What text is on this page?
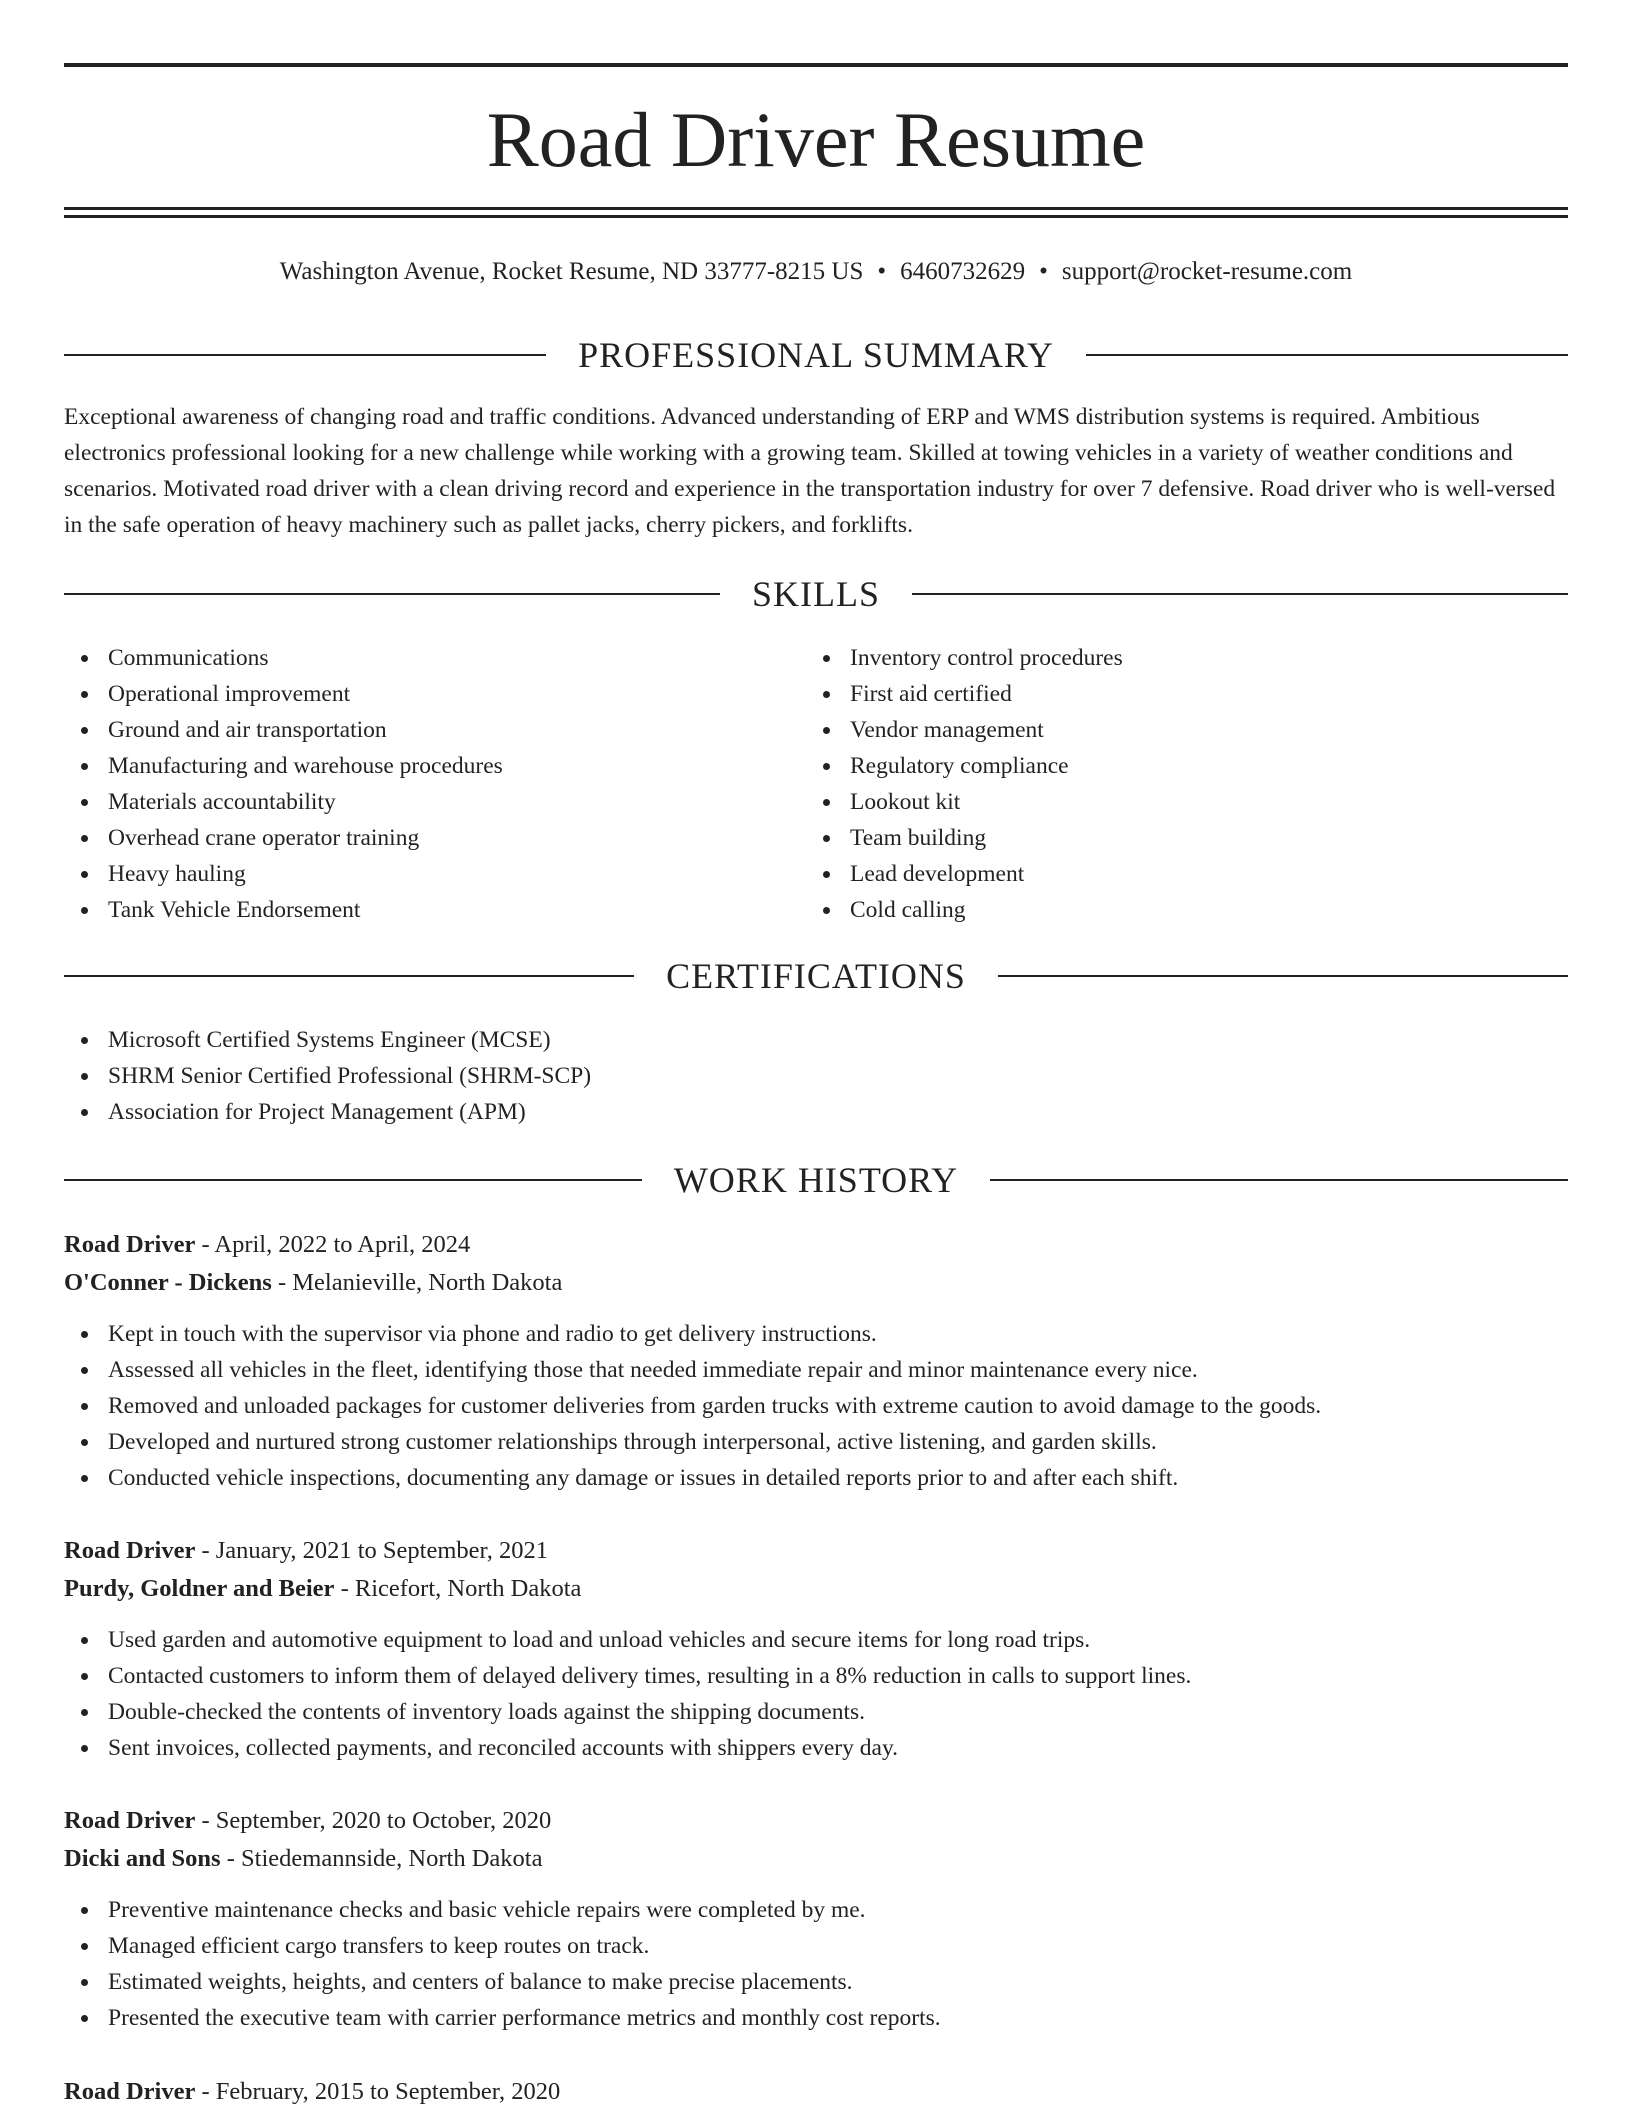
Road Driver Resume
Washington Avenue, Rocket Resume, ND 33777-8215 US • 6460732629 • support@rocket-resume.com
PROFESSIONAL SUMMARY

Exceptional awareness of changing road and traffic conditions. Advanced understanding of ERP and WMS distribution systems is required. Ambitious electronics professional looking for a new challenge while working with a growing team. Skilled at towing vehicles in a variety of weather conditions and scenarios. Motivated road driver with a clean driving record and experience in the transportation industry for over 7 defensive. Road driver who is well-versed in the safe operation of heavy machinery such as pallet jacks, cherry pickers, and forklifts.

SKILLS
Communications
Operational improvement
Ground and air transportation
Manufacturing and warehouse procedures
Materials accountability
Overhead crane operator training
Heavy hauling
Tank Vehicle Endorsement
Inventory control procedures
First aid certified
Vendor management
Regulatory compliance
Lookout kit
Team building
Lead development
Cold calling
CERTIFICATIONS
Microsoft Certified Systems Engineer (MCSE)
SHRM Senior Certified Professional (SHRM-SCP)
Association for Project Management (APM)
WORK HISTORY
Road Driver - April, 2022 to April, 2024
O'Conner - Dickens - Melanieville, North Dakota
Kept in touch with the supervisor via phone and radio to get delivery instructions.
Assessed all vehicles in the fleet, identifying those that needed immediate repair and minor maintenance every nice.
Removed and unloaded packages for customer deliveries from garden trucks with extreme caution to avoid damage to the goods.
Developed and nurtured strong customer relationships through interpersonal, active listening, and garden skills.
Conducted vehicle inspections, documenting any damage or issues in detailed reports prior to and after each shift.
Road Driver - January, 2021 to September, 2021
Purdy, Goldner and Beier - Ricefort, North Dakota
Used garden and automotive equipment to load and unload vehicles and secure items for long road trips.
Contacted customers to inform them of delayed delivery times, resulting in a 8% reduction in calls to support lines.
Double-checked the contents of inventory loads against the shipping documents.
Sent invoices, collected payments, and reconciled accounts with shippers every day.
Road Driver - September, 2020 to October, 2020
Dicki and Sons - Stiedemannside, North Dakota
Preventive maintenance checks and basic vehicle repairs were completed by me.
Managed efficient cargo transfers to keep routes on track.
Estimated weights, heights, and centers of balance to make precise placements.
Presented the executive team with carrier performance metrics and monthly cost reports.
Road Driver - February, 2015 to September, 2020
